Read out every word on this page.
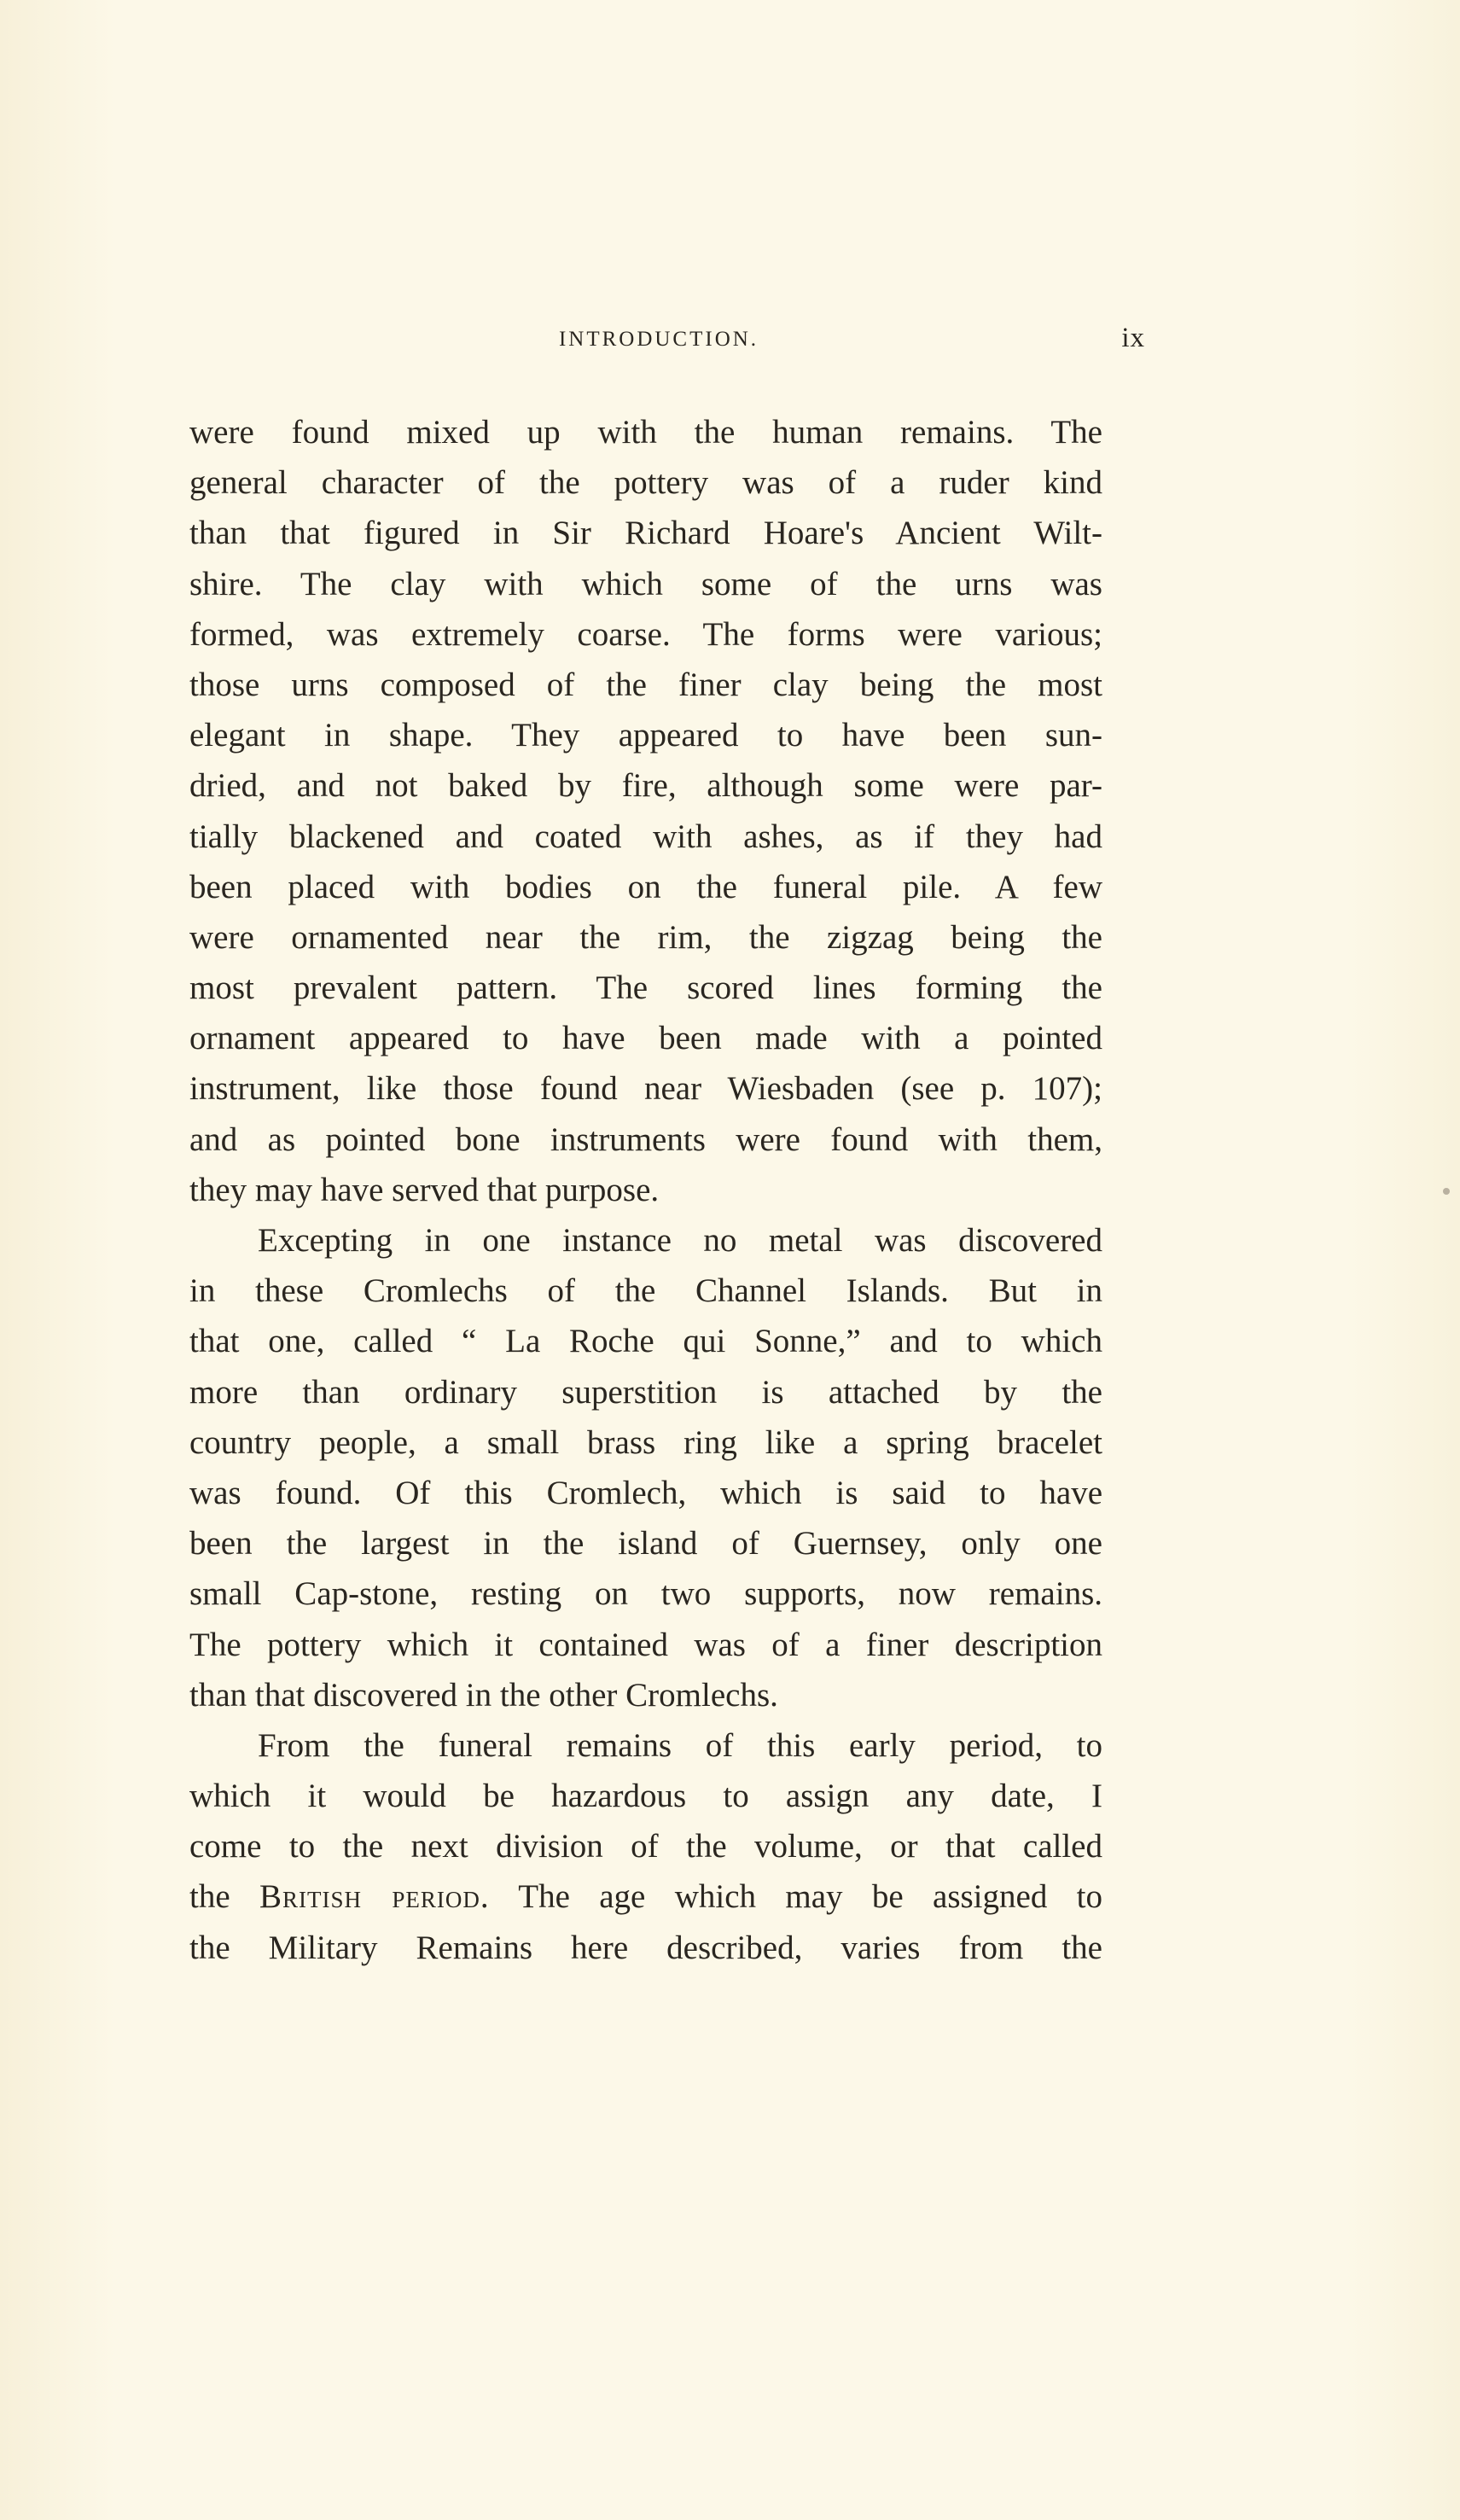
INTRODUCTION.	ix
were found mixed up with the human remains. The
general character of the pottery was of a ruder kind
than that figured in Sir Richard Hoare's Ancient Wilt-
shire. The clay with which some of the urns was
formed, was extremely coarse. The forms were various;
those urns composed of the finer clay being the most
elegant in shape. They appeared to have been sun-
dried, and not baked by fire, although some were par-
tially blackened and coated with ashes, as if they had
been placed with bodies on the funeral pile. A few
were ornamented near the rim, the zigzag being the
most prevalent pattern. The scored lines forming the
ornament appeared to have been made with a pointed
instrument, like those found near Wiesbaden (see p. 107);
and as pointed bone instruments were found with them,
they may have served that purpose.
Excepting in one instance no metal was discovered
in these Cromlechs of the Channel Islands. But in
that one, called “ La Roche qui Sonne,” and to which
more than ordinary superstition is attached by the
country people, a small brass ring like a spring bracelet
was found. Of this Cromlech, which is said to have
been the largest in the island of Guernsey, only one
small Cap-stone, resting on two supports, now remains.
The pottery which it contained was of a finer description
than that discovered in the other Cromlechs.
From the funeral remains of this early period, to
which it would be hazardous to assign any date, I
come to the next division of the volume, or that called
the British period. The age which may be assigned to
the Military Remains here described, varies from the
